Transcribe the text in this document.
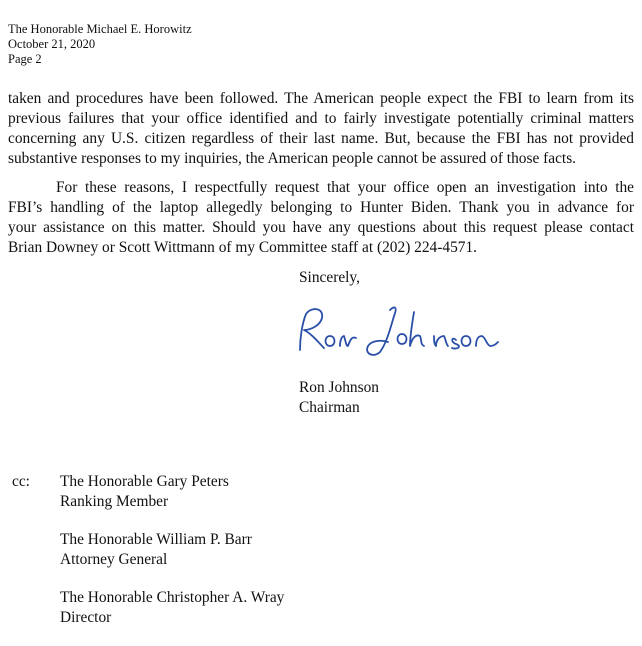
The Honorable Michael E. Horowitz
October 21, 2020
Page 2

taken and procedures have been followed. The American people expect the FBI to learn from its
previous failures that your office identified and to fairly investigate potentially criminal matters
concerning any U.S. citizen regardless of their last name. But, because the FBI has not provided
substantive responses to my inquiries, the American people cannot be assured of those facts.

For these reasons, I respectfully request that your office open an investigation into the
FBI’s handling of the laptop allegedly belonging to Hunter Biden. Thank you in advance for
your assistance on this matter. Should you have any questions about this request please contact
Brian Downey or Scott Wittmann of my Committee staff at (202) 224-4571.

Sincerely,
Ron Johnson
Chairman
cc: The Honorable Gary Peters
Ranking Member
The Honorable William P. Barr
Attorney General
The Honorable Christopher A. Wray
Director
